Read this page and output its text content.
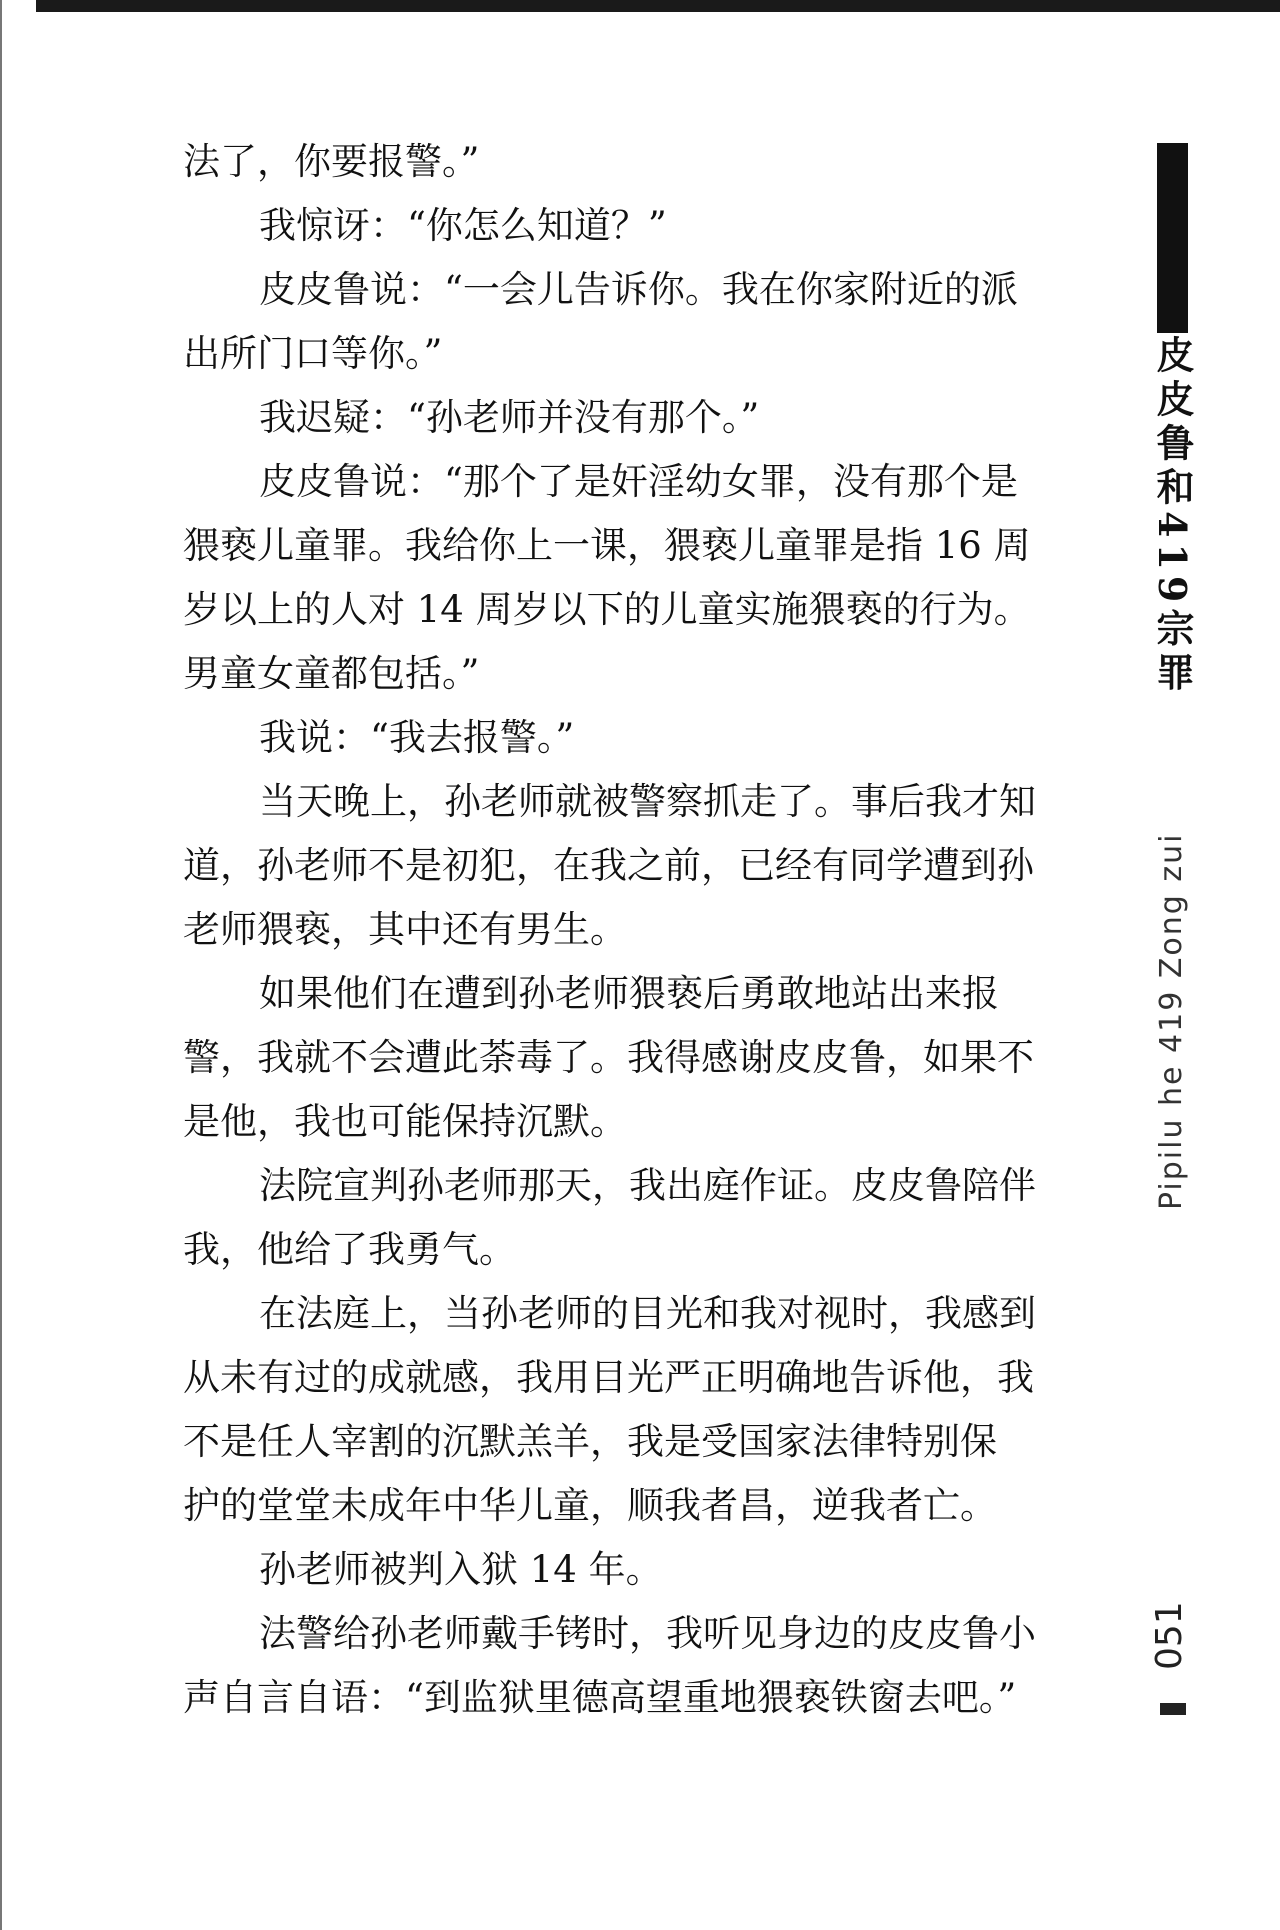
法了，你要报警。”
我惊讶：“你怎么知道？”
皮皮鲁说：“一会儿告诉你。我在你家附近的派
出所门口等你。”
我迟疑：“孙老师并没有那个。”
皮皮鲁说：“那个了是奸淫幼女罪，没有那个是
猥亵儿童罪。我给你上一课，猥亵儿童罪是指 16 周
岁以上的人对 14 周岁以下的儿童实施猥亵的行为。
男童女童都包括。”
我说：“我去报警。”
当天晚上，孙老师就被警察抓走了。事后我才知
道，孙老师不是初犯，在我之前，已经有同学遭到孙
老师猥亵，其中还有男生。
如果他们在遭到孙老师猥亵后勇敢地站出来报
警，我就不会遭此荼毒了。我得感谢皮皮鲁，如果不
是他，我也可能保持沉默。
法院宣判孙老师那天，我出庭作证。皮皮鲁陪伴
我，他给了我勇气。
在法庭上，当孙老师的目光和我对视时，我感到
从未有过的成就感，我用目光严正明确地告诉他，我
不是任人宰割的沉默羔羊，我是受国家法律特别保
护的堂堂未成年中华儿童，顺我者昌，逆我者亡。
孙老师被判入狱 14 年。
法警给孙老师戴手铐时，我听见身边的皮皮鲁小
声自言自语：“到监狱里德高望重地猥亵铁窗去吧。”
皮皮鲁和419宗罪
Pipilu he 419 Zong zui
051
